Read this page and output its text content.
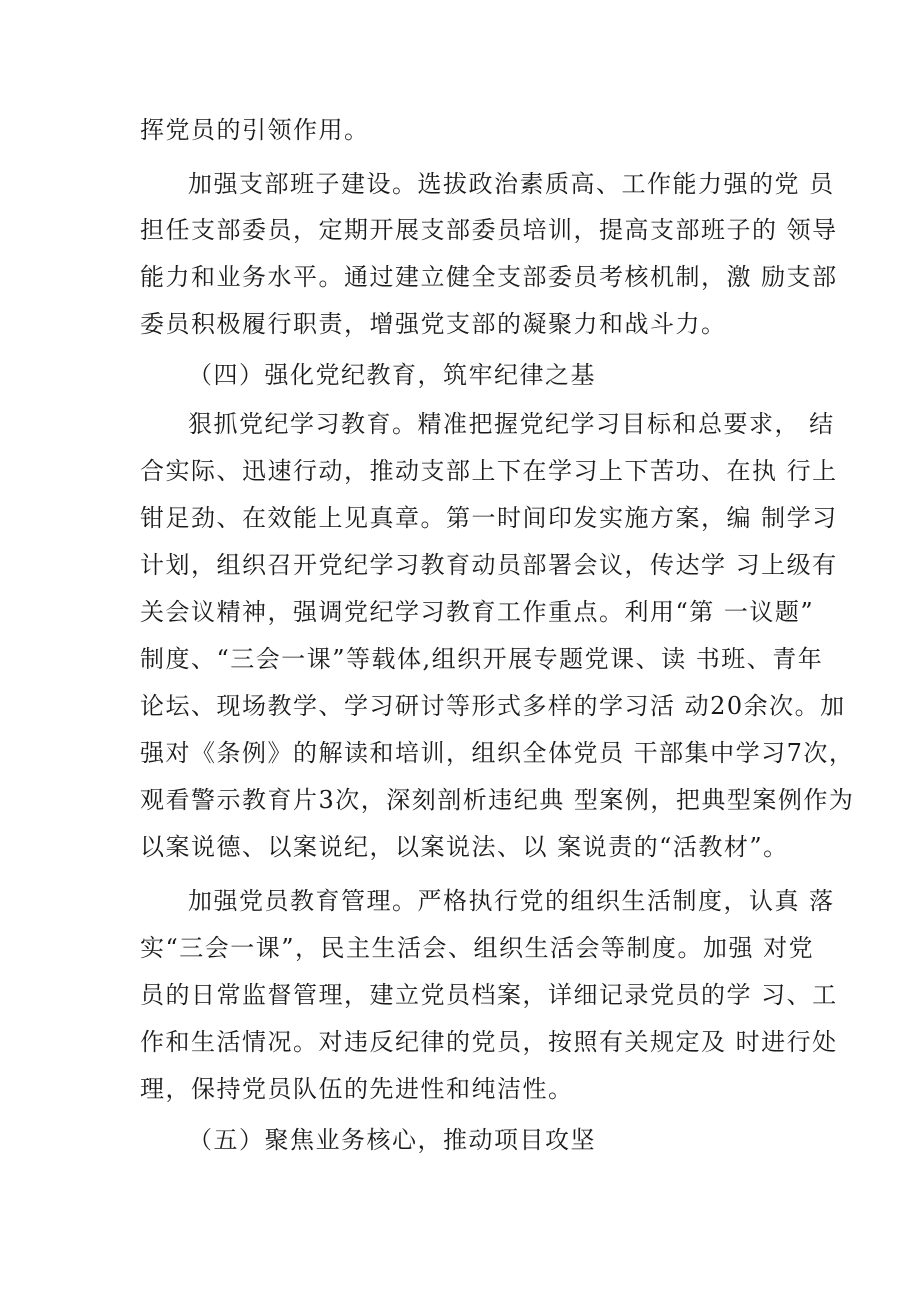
挥党员的引领作用。
加强支部班子建设。选拔政治素质高、工作能力强的党 员
担任支部委员，定期开展支部委员培训，提高支部班子的 领导
能力和业务水平。通过建立健全支部委员考核机制，激 励支部
委员积极履行职责，增强党支部的凝聚力和战斗力。
（四）强化党纪教育，筑牢纪律之基
狠抓党纪学习教育。精准把握党纪学习目标和总要求， 结
合实际、迅速行动，推动支部上下在学习上下苦功、在执 行上
钳足劲、在效能上见真章。第一时间印发实施方案，编 制学习
计划，组织召开党纪学习教育动员部署会议，传达学 习上级有
关会议精神，强调党纪学习教育工作重点。利用“第 一议题”
制度、“三会一课”等载体,组织开展专题党课、读 书班、青年
论坛、现场教学、学习研讨等形式多样的学习活 动20余次。加
强对《条例》的解读和培训，组织全体党员 干部集中学习7次，
观看警示教育片3次，深刻剖析违纪典 型案例，把典型案例作为
以案说德、以案说纪，以案说法、以 案说责的“活教材”。
加强党员教育管理。严格执行党的组织生活制度，认真 落
实“三会一课”，民主生活会、组织生活会等制度。加强 对党
员的日常监督管理，建立党员档案，详细记录党员的学 习、工
作和生活情况。对违反纪律的党员，按照有关规定及 时进行处
理，保持党员队伍的先进性和纯洁性。
（五）聚焦业务核心，推动项目攻坚
